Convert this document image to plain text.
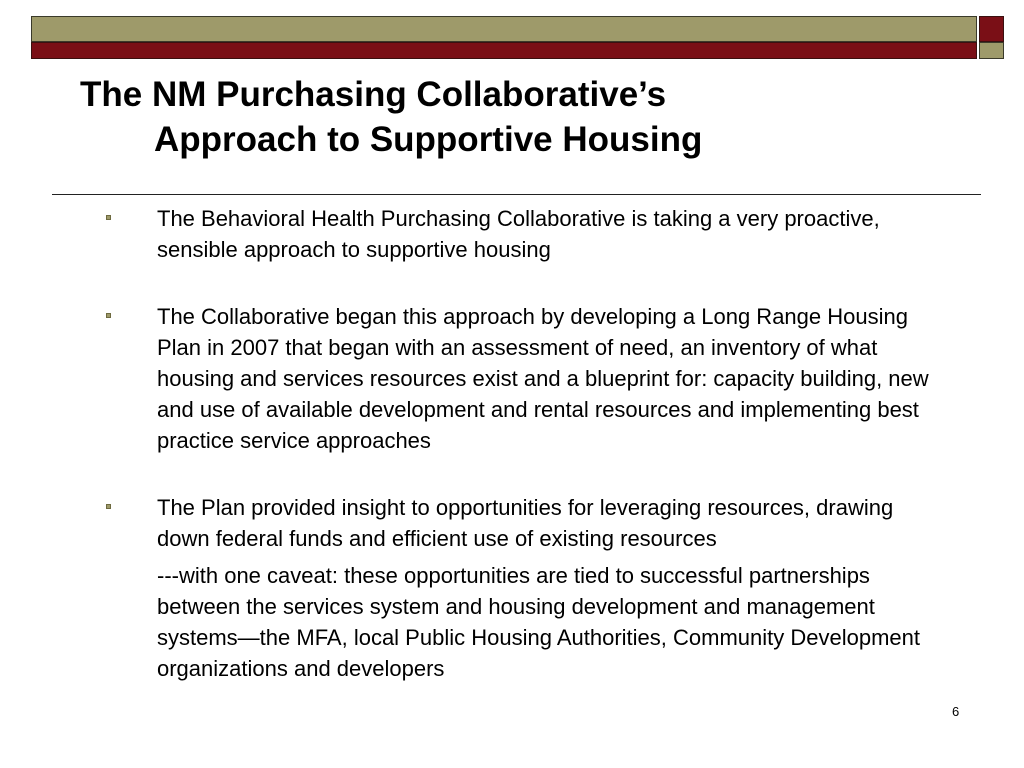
The NM Purchasing Collaborative’s
Approach to Supportive Housing
The Behavioral Health Purchasing Collaborative is taking a very proactive, sensible approach to supportive housing
The Collaborative began this approach by developing a Long Range Housing Plan in 2007 that began with an assessment of need, an inventory of what housing and services resources exist and a blueprint for: capacity building, new and use of available development and rental resources and implementing best practice service approaches
The Plan provided insight to opportunities for leveraging resources, drawing down federal funds and efficient use of existing resources
---with one caveat: these opportunities are tied to successful partnerships between the services system and housing development and management systems—the MFA, local Public Housing Authorities, Community Development organizations and developers
6
